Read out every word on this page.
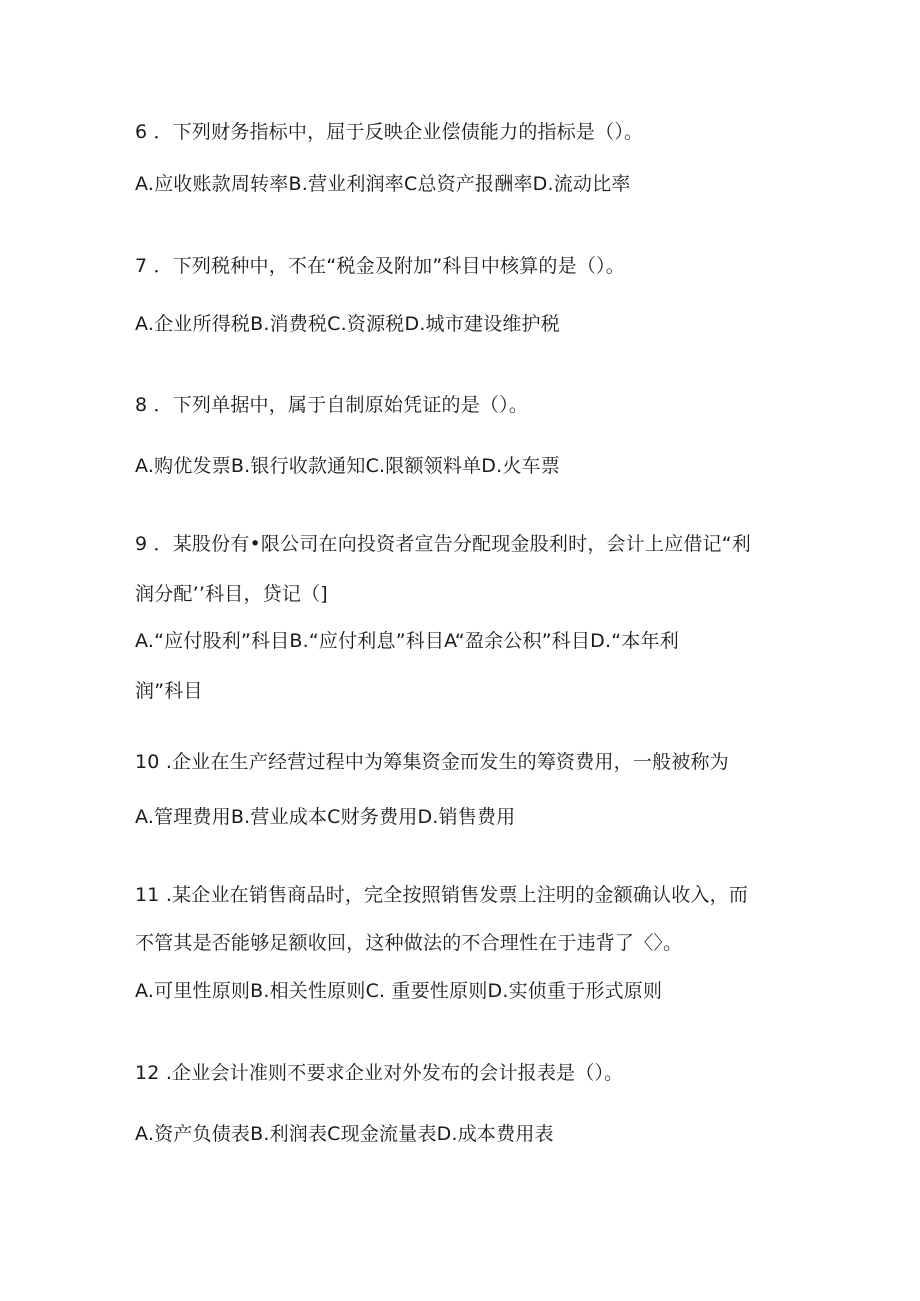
6 ．下列财务指标中，屈于反映企业偿债能力的指标是（）。
A.应收账款周转率B.营业利润率C总资产报酬率D.流动比率
7 ．下列税种中，不在“税金及附加”科目中核算的是（）。
A.企业所得税B.消费税C.资源税D.城市建设维护税
8 ．下列单据中，属于自制原始凭证的是（）。
A.购优发票B.银行收款通知C.限额领料单D.火车票
9 ．某股份有•限公司在向投资者宣告分配现金股利时，会计上应借记“利
润分配’’科目，贷记（]
A.“应付股利”科目B.“应付利息”科目A“盈余公积”科目D.“本年利
润”科目
10 .企业在生产经营过程中为筹集资金而发生的筹资费用，一般被称为
A.管理费用B.营业成本C财务费用D.销售费用
11 .某企业在销售商品时，完全按照销售发票上注明的金额确认收入，而
不管其是否能够足额收回，这种做法的不合理性在于违背了〈〉。
A.可里性原则B.相关性原则C. 重要性原则D.实侦重于形式原则
12 .企业会计准则不要求企业对外发布的会计报表是（）。
A.资产负债表B.利润表C现金流量表D.成本费用表
